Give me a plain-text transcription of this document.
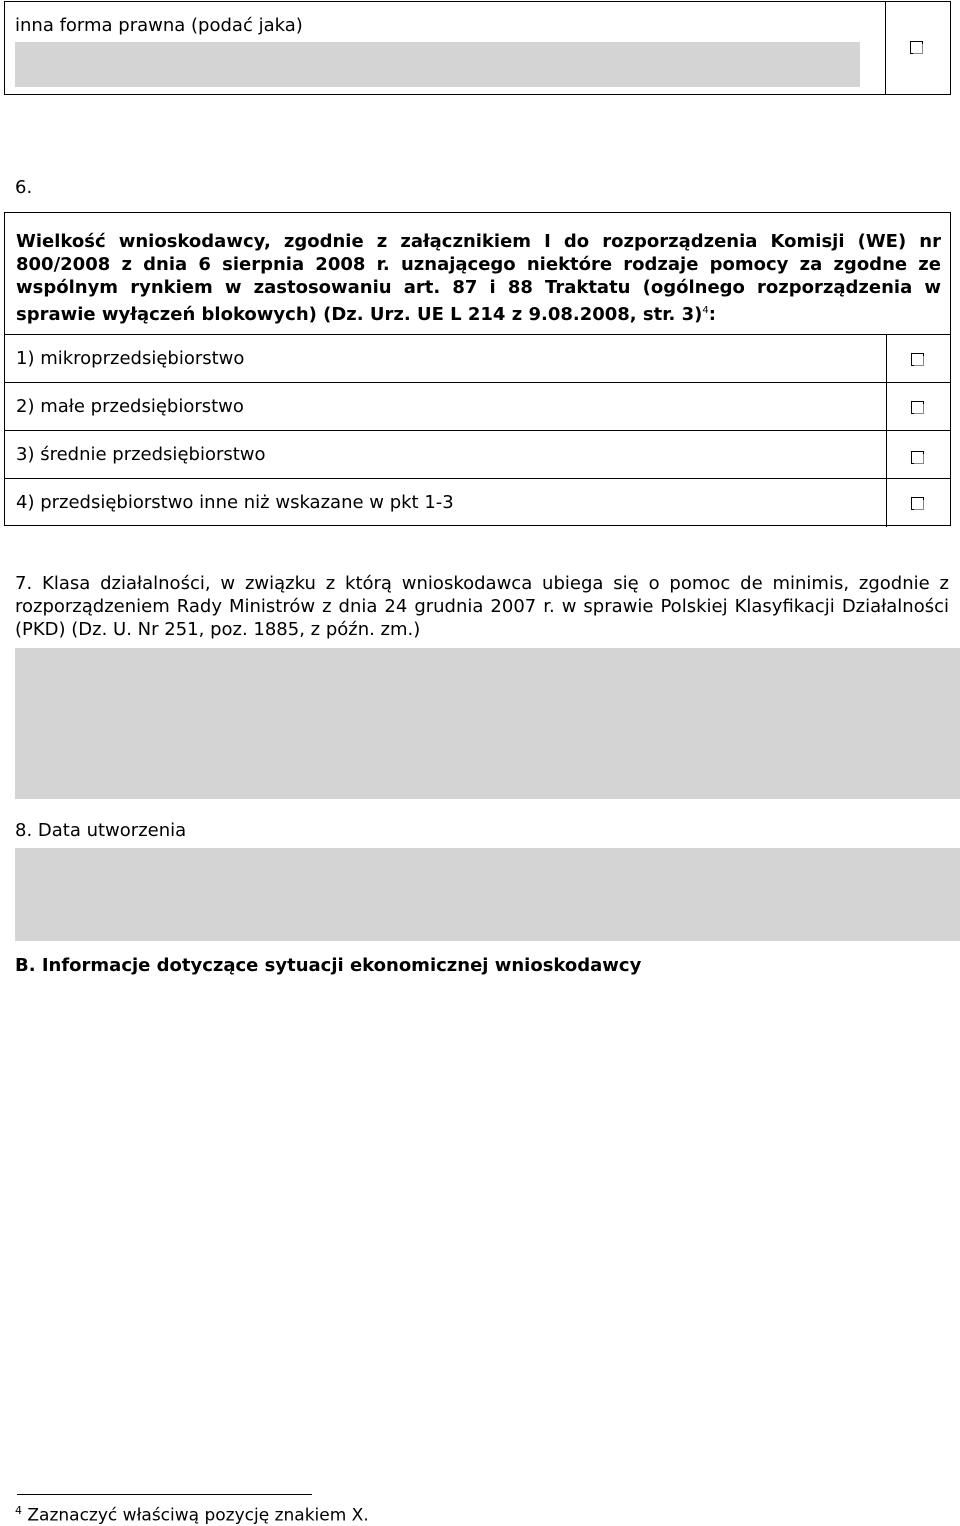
inna forma prawna (podać jaka)
6.
Wielkość wnioskodawcy, zgodnie z załącznikiem I do rozporządzenia Komisji (WE) nr 800/2008 z dnia 6 sierpnia 2008 r. uznającego niektóre rodzaje pomocy za zgodne ze wspólnym rynkiem w zastosowaniu art. 87 i 88 Traktatu (ogólnego rozporządzenia w sprawie wyłączeń blokowych) (Dz. Urz. UE L 214 z 9.08.2008, str. 3)$^4$:
1) mikroprzedsiębiorstwo
2) małe przedsiębiorstwo
3) średnie przedsiębiorstwo
4) przedsiębiorstwo inne niż wskazane w pkt 1-3
7. Klasa działalności, w związku z którą wnioskodawca ubiega się o pomoc de minimis, zgodnie z rozporządzeniem Rady Ministrów z dnia 24 grudnia 2007 r. w sprawie Polskiej Klasyfikacji Działalności (PKD) (Dz. U. Nr 251, poz. 1885, z późn. zm.)
8. Data utworzenia
B. Informacje dotyczące sytuacji ekonomicznej wnioskodawcy
$^4$ Zaznaczyć właściwą pozycję znakiem X.
